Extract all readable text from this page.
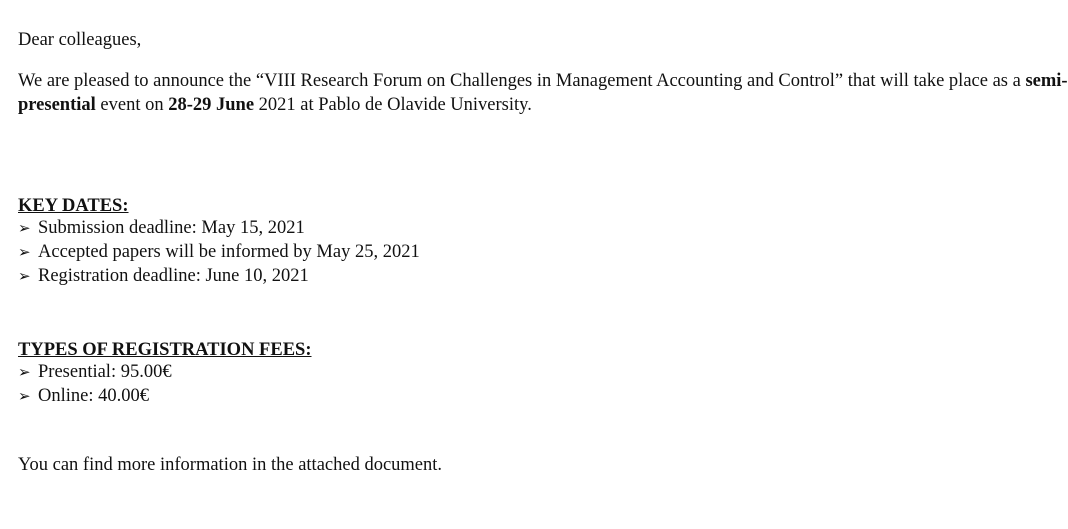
Dear colleagues,
We are pleased to announce the “VIII Research Forum on Challenges in Management Accounting and Control” that will take place as a semi-presential event on 28-29 June 2021 at Pablo de Olavide University.
KEY DATES:
➢ Submission deadline: May 15, 2021
➢ Accepted papers will be informed by May 25, 2021
➢ Registration deadline: June 10, 2021
TYPES OF REGISTRATION FEES:
➢ Presential: 95.00€
➢ Online: 40.00€
You can find more information in the attached document.
